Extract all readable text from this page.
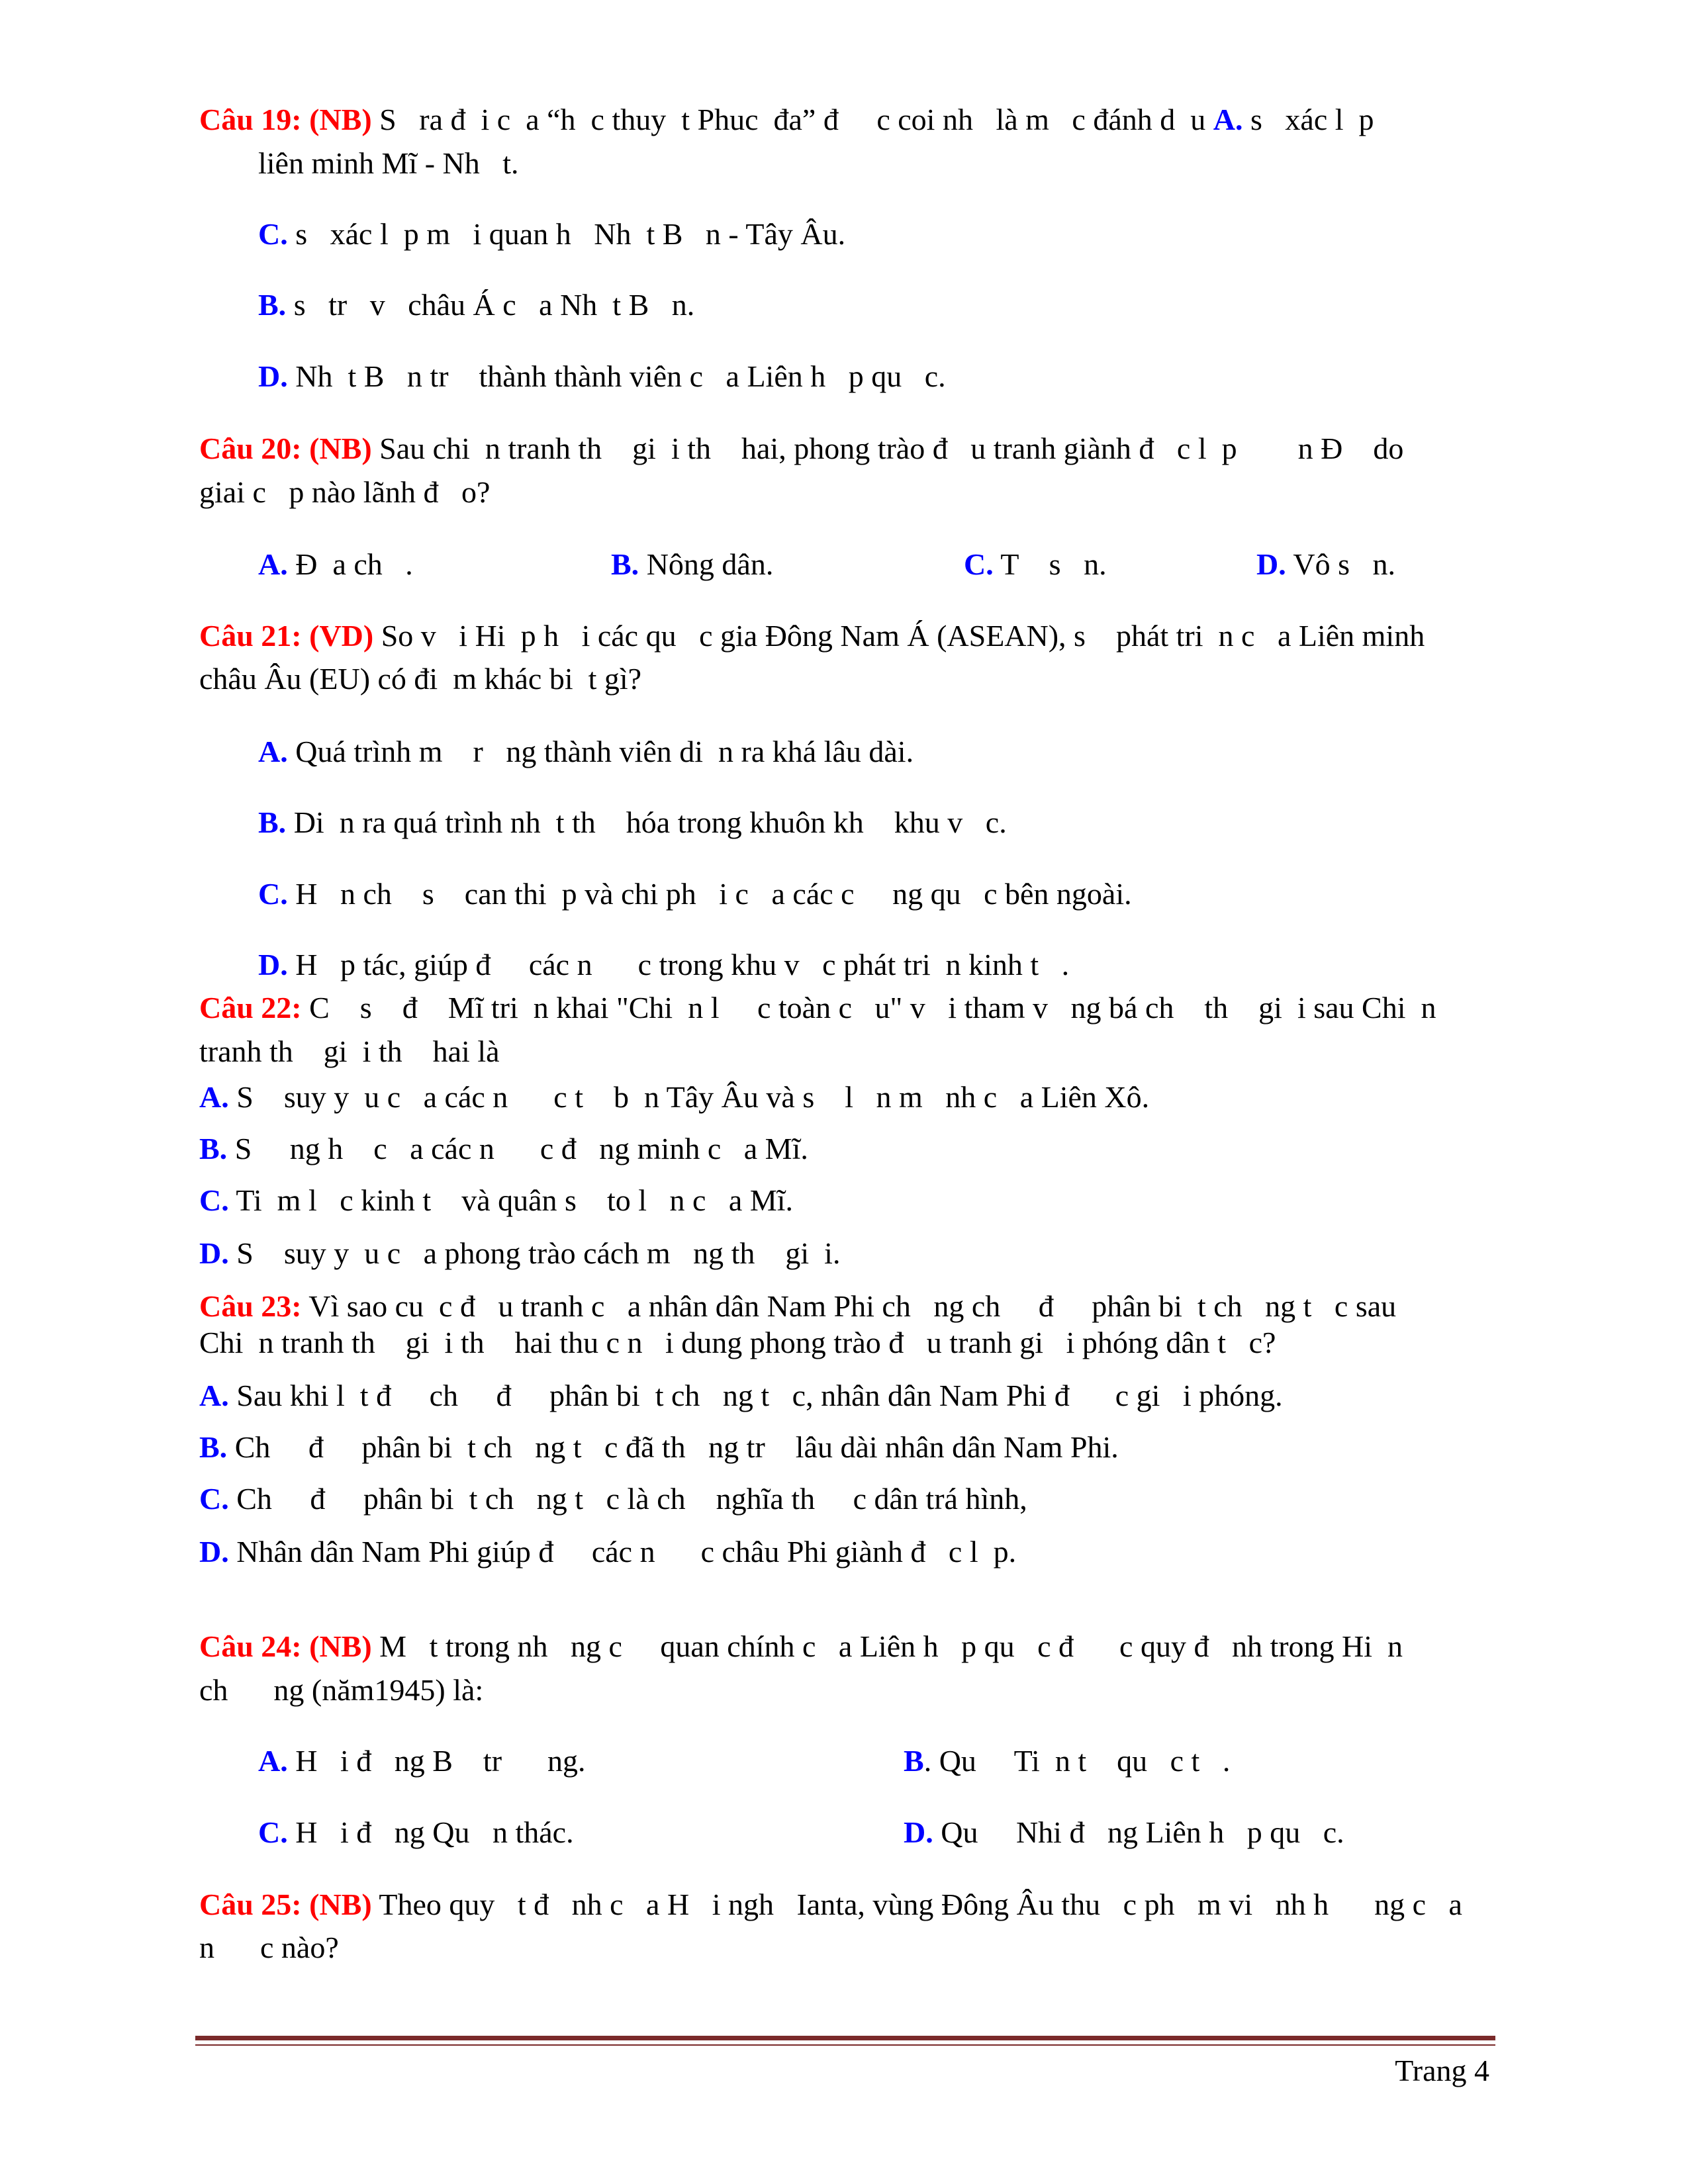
Câu 19: (NB) S   ra đ  i c  a “h  c thuy  t Phuc  đa” đ     c coi nh   là m   c đánh d  u A. s   xác l  p
liên minh Mĩ - Nh   t.
C. s   xác l  p m   i quan h   Nh  t B   n - Tây Âu.
B. s   tr   v   châu Á c   a Nh  t B   n.
D. Nh  t B   n tr    thành thành viên c   a Liên h   p qu   c.
Câu 20: (NB) Sau chi  n tranh th    gi  i th    hai, phong trào đ   u tranh giành đ   c l  p        n Đ    do
giai c   p nào lãnh đ   o?
A. Đ  a ch   .	B. Nông dân.	C. T    s   n.	D. Vô s   n.
Câu 21: (VD) So v   i Hi  p h   i các qu   c gia Đông Nam Á (ASEAN), s    phát tri  n c   a Liên minh
châu Âu (EU) có đi  m khác bi  t gì?
A. Quá trình m    r   ng thành viên di  n ra khá lâu dài.
B. Di  n ra quá trình nh  t th    hóa trong khuôn kh    khu v   c.
C. H   n ch    s    can thi  p và chi ph   i c   a các c     ng qu   c bên ngoài.
D. H   p tác, giúp đ     các n      c trong khu v   c phát tri  n kinh t   .
Câu 22: C    s    đ    Mĩ tri  n khai "Chi  n l     c toàn c   u" v   i tham v   ng bá ch    th    gi  i sau Chi  n
tranh th    gi  i th    hai là
A. S    suy y  u c   a các n      c t    b  n Tây Âu và s    l   n m   nh c   a Liên Xô.
B. S     ng h    c   a các n      c đ   ng minh c   a Mĩ.
C. Ti  m l   c kinh t    và quân s    to l   n c   a Mĩ.
D. S    suy y  u c   a phong trào cách m   ng th    gi  i.
Câu 23: Vì sao cu  c đ   u tranh c   a nhân dân Nam Phi ch   ng ch     đ     phân bi  t ch   ng t   c sau
Chi  n tranh th    gi  i th    hai thu c n   i dung phong trào đ   u tranh gi   i phóng dân t   c?
A. Sau khi l  t đ     ch     đ     phân bi  t ch   ng t   c, nhân dân Nam Phi đ      c gi   i phóng.
B. Ch     đ     phân bi  t ch   ng t   c đã th   ng tr    lâu dài nhân dân Nam Phi.
C. Ch     đ     phân bi  t ch   ng t   c là ch    nghĩa th     c dân trá hình,
D. Nhân dân Nam Phi giúp đ     các n      c châu Phi giành đ   c l  p.
Câu 24: (NB) M   t trong nh   ng c     quan chính c   a Liên h   p qu   c đ      c quy đ   nh trong Hi  n
ch      ng (năm1945) là:
A. H   i đ   ng B    tr      ng.	B. Qu     Ti  n t    qu   c t   .
C. H   i đ   ng Qu   n thác.	D. Qu     Nhi đ   ng Liên h   p qu   c.
Câu 25: (NB) Theo quy   t đ   nh c   a H   i ngh   Ianta, vùng Đông Âu thu   c ph   m vi   nh h      ng c   a
n      c nào?
Trang 4
